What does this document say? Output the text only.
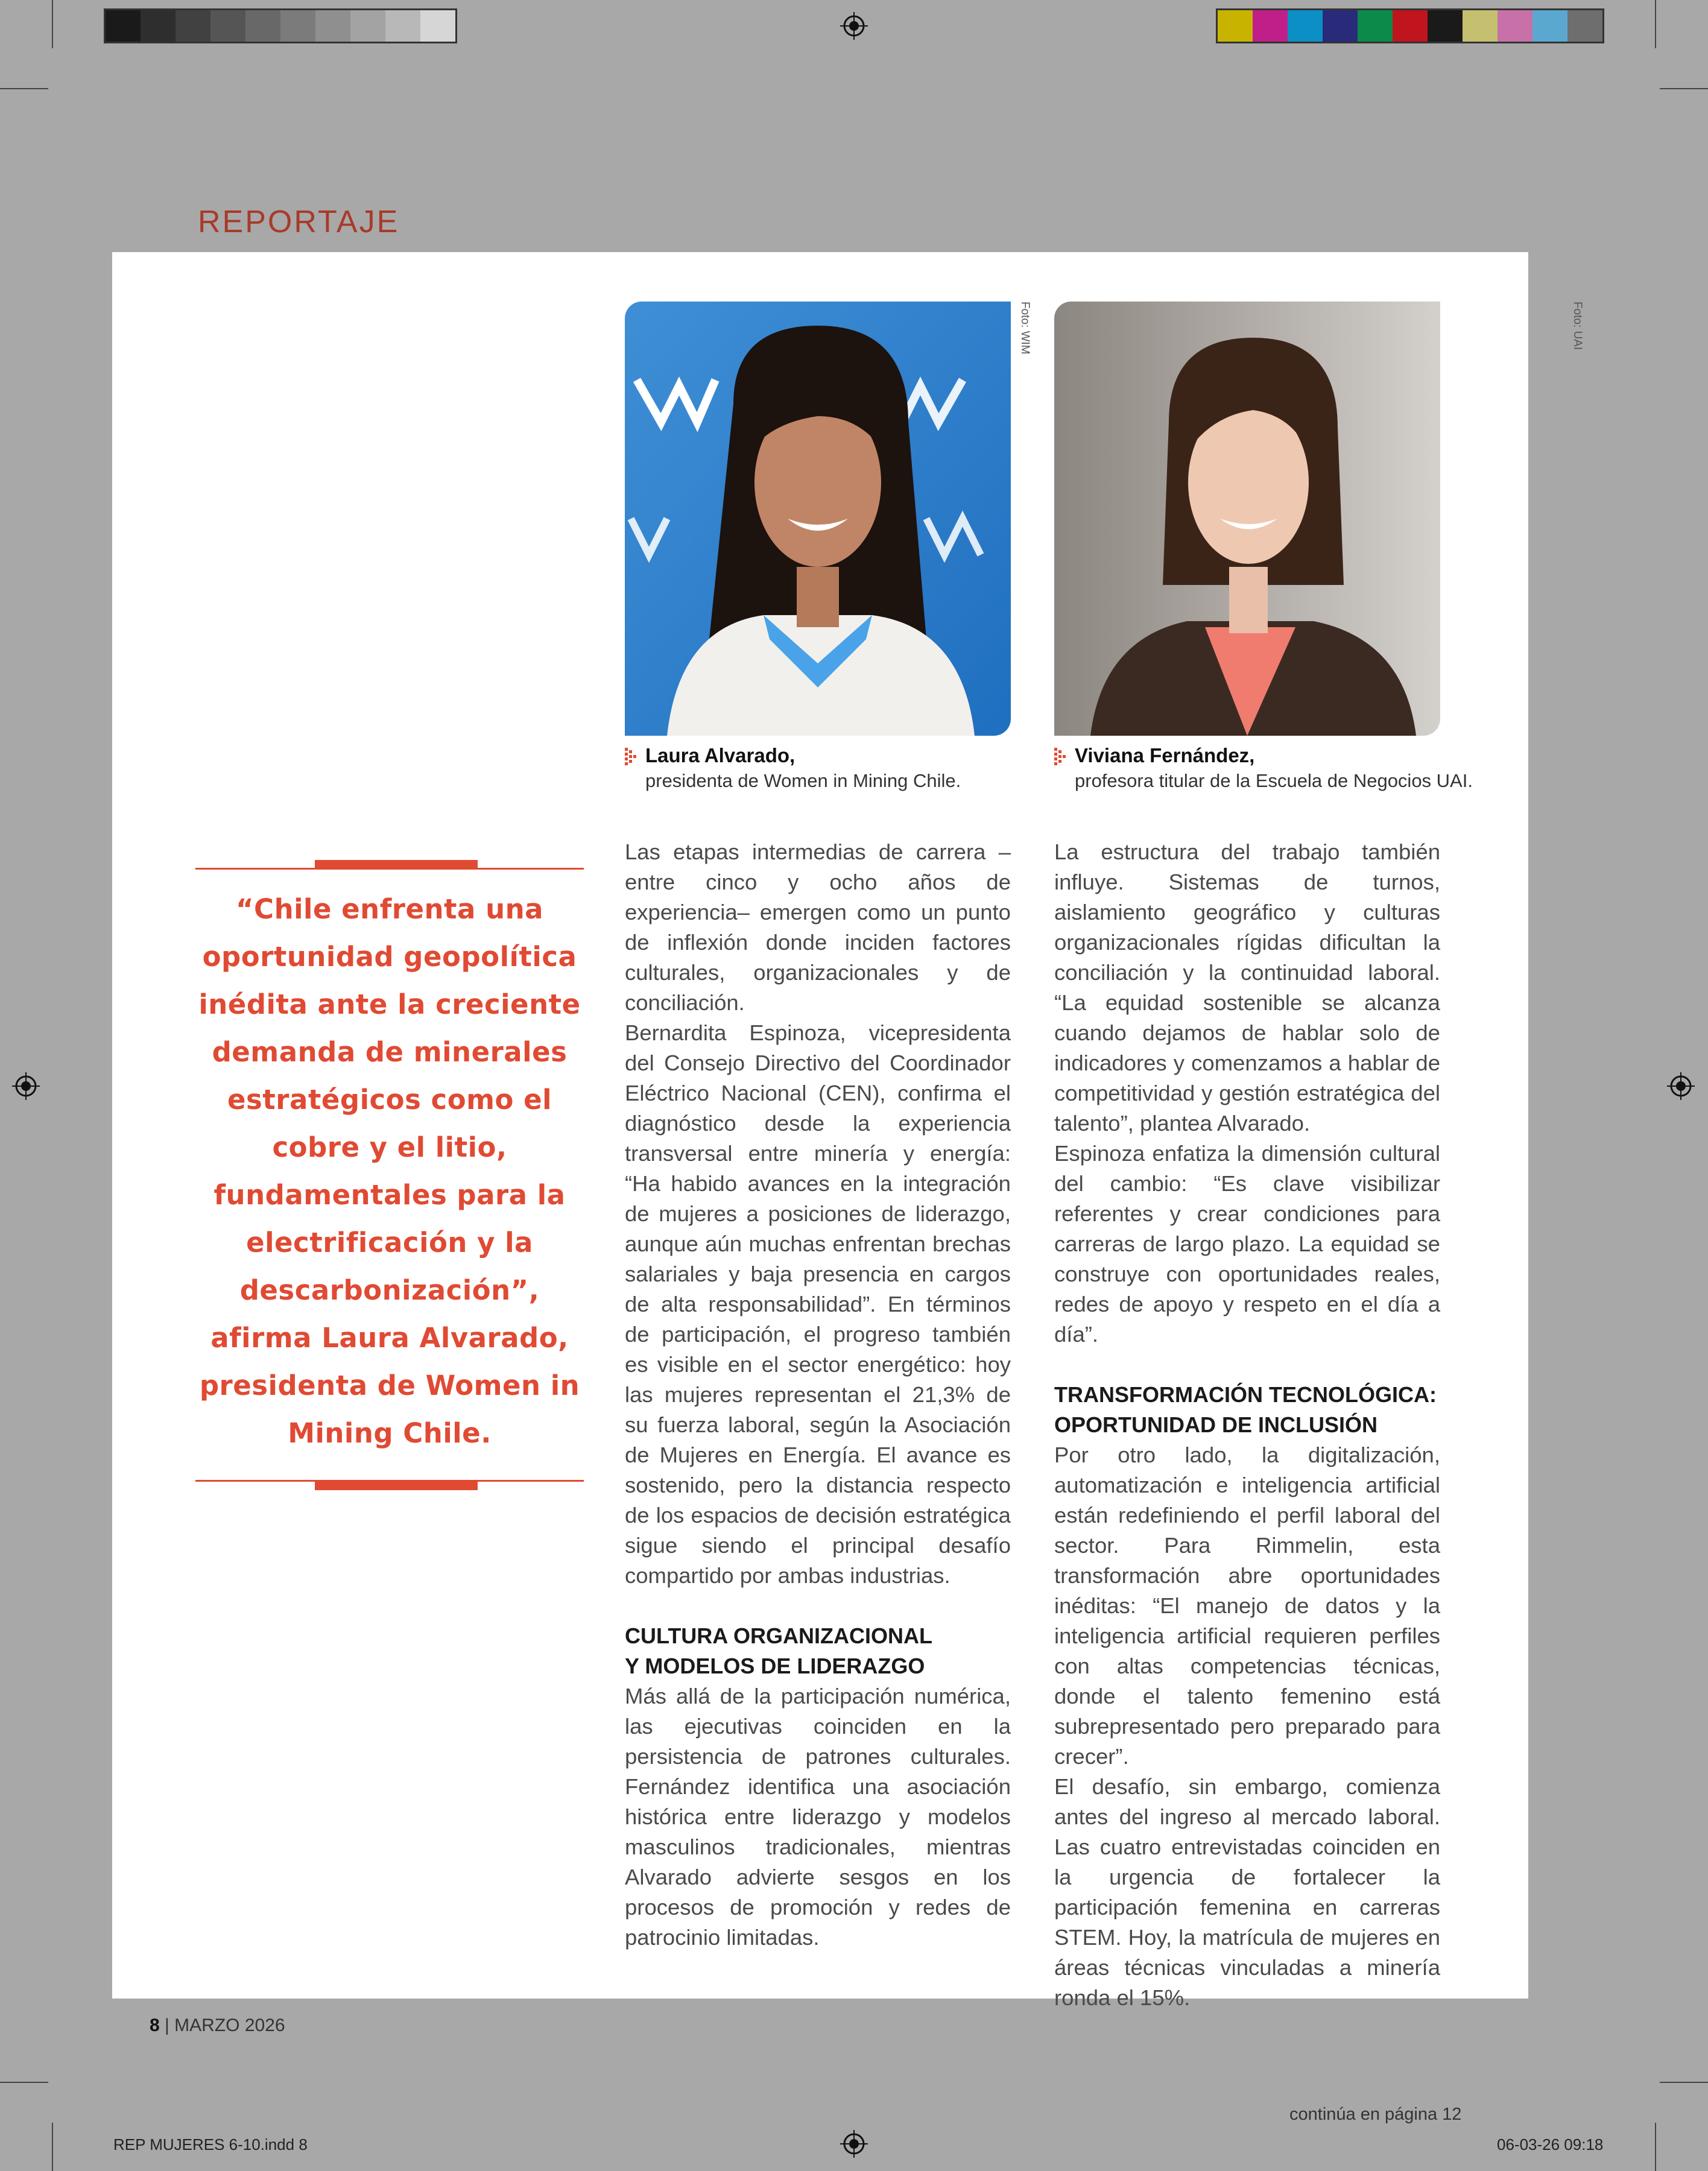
REPORTAJE
Foto: WIM	Foto: UAI
Laura Alvarado,
presidenta de Women in Mining Chile.
Viviana Fernández,
profesora titular de la Escuela de Negocios UAI.

“Chile enfrenta una oportunidad geopolítica inédita ante la creciente demanda de minerales estratégicos como el cobre y el litio, fundamentales para la electrificación y la descarbonización”, afirma Laura Alvarado, presidenta de Women in Mining Chile.

Las etapas intermedias de carrera –entre cinco y ocho años de experiencia– emergen como un punto de inflexión donde inciden factores culturales, organizacionales y de conciliación.

Bernardita Espinoza, vicepresidenta del Consejo Directivo del Coordinador Eléctrico Nacional (CEN), confirma el diagnóstico desde la experiencia transversal entre minería y energía: “Ha habido avances en la integración de mujeres a posiciones de liderazgo, aunque aún muchas enfrentan brechas salariales y baja presencia en cargos de alta responsabilidad”. En términos de participación, el progreso también es visible en el sector energético: hoy las mujeres representan el 21,3% de su fuerza laboral, según la Asociación de Mujeres en Energía. El avance es sostenido, pero la distancia respecto de los espacios de decisión estratégica sigue siendo el principal desafío compartido por ambas industrias.

CULTURA ORGANIZACIONAL
Y MODELOS DE LIDERAZGO

Más allá de la participación numérica, las ejecutivas coinciden en la persistencia de patrones culturales. Fernández identifica una asociación histórica entre liderazgo y modelos masculinos tradicionales, mientras Alvarado advierte sesgos en los procesos de promoción y redes de patrocinio limitadas.

La estructura del trabajo también influye. Sistemas de turnos, aislamiento geográfico y culturas organizacionales rígidas dificultan la conciliación y la continuidad laboral. “La equidad sostenible se alcanza cuando dejamos de hablar solo de indicadores y comenzamos a hablar de competitividad y gestión estratégica del talento”, plantea Alvarado.

Espinoza enfatiza la dimensión cultural del cambio: “Es clave visibilizar referentes y crear condiciones para carreras de largo plazo. La equidad se construye con oportunidades reales, redes de apoyo y respeto en el día a día”.

TRANSFORMACIÓN TECNOLÓGICA:
OPORTUNIDAD DE INCLUSIÓN

Por otro lado, la digitalización, automatización e inteligencia artificial están redefiniendo el perfil laboral del sector. Para Rimmelin, esta transformación abre oportunidades inéditas: “El manejo de datos y la inteligencia artificial requieren perfiles con altas competencias técnicas, donde el talento femenino está subrepresentado pero preparado para crecer”.

El desafío, sin embargo, comienza antes del ingreso al mercado laboral. Las cuatro entrevistadas coinciden en la urgencia de fortalecer la participación femenina en carreras STEM. Hoy, la matrícula de mujeres en áreas técnicas vinculadas a minería ronda el 15%.

8 | MARZO 2026
continúa en página 12
REP MUJERES 6-10.indd 8	06-03-26 09:18
